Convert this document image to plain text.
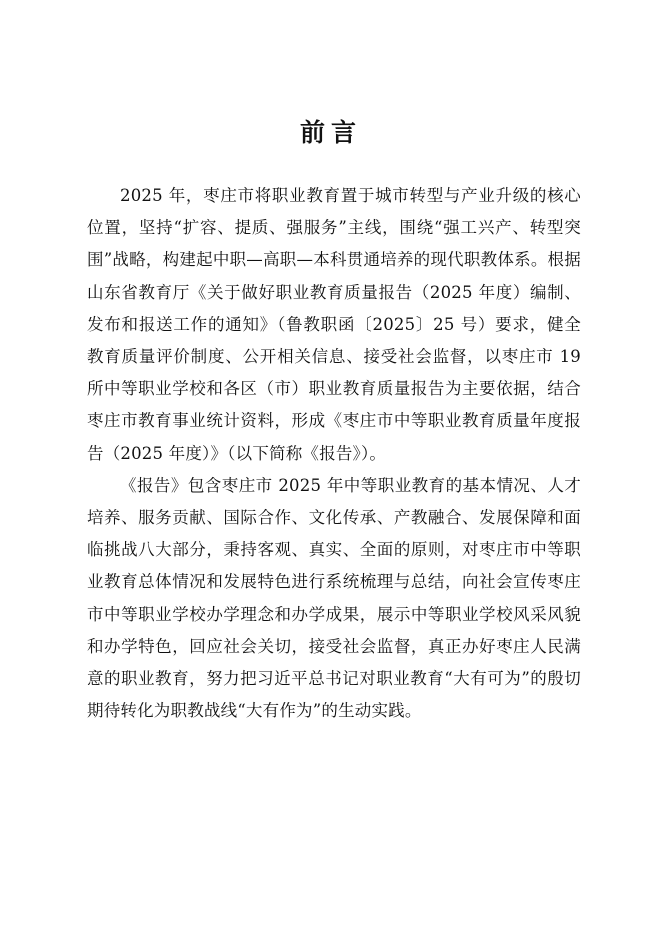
前言

2025 年，枣庄市将职业教育置于城市转型与产业升级的核心位置，坚持“扩容、提质、强服务”主线，围绕“强工兴产、转型突围”战略，构建起中职—高职—本科贯通培养的现代职教体系。根据山东省教育厅《关于做好职业教育质量报告（2025 年度）编制、发布和报送工作的通知》（鲁教职函〔2025〕25 号）要求，健全教育质量评价制度、公开相关信息、接受社会监督，以枣庄市 19 所中等职业学校和各区（市）职业教育质量报告为主要依据，结合枣庄市教育事业统计资料，形成《枣庄市中等职业教育质量年度报告（2025 年度）》（以下简称《报告》）。

《报告》包含枣庄市 2025 年中等职业教育的基本情况、人才培养、服务贡献、国际合作、文化传承、产教融合、发展保障和面临挑战八大部分，秉持客观、真实、全面的原则，对枣庄市中等职业教育总体情况和发展特色进行系统梳理与总结，向社会宣传枣庄市中等职业学校办学理念和办学成果，展示中等职业学校风采风貌和办学特色，回应社会关切，接受社会监督，真正办好枣庄人民满意的职业教育，努力把习近平总书记对职业教育“大有可为”的殷切期待转化为职教战线“大有作为”的生动实践。
